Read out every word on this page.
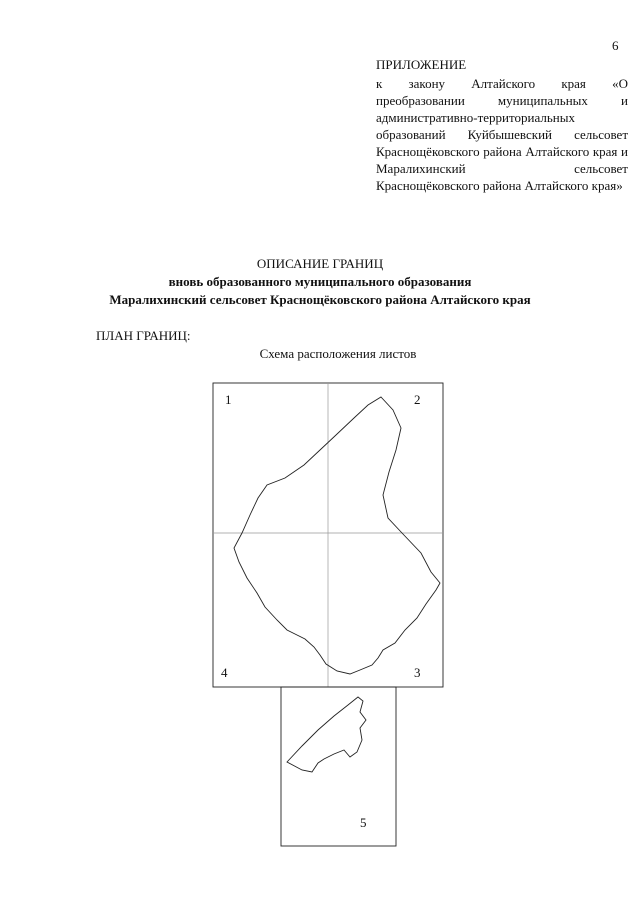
6

ПРИЛОЖЕНИЕ

к закону Алтайского края «О преобразовании муниципальных и административно-территориальных образований Куйбышевский сельсовет Краснощёковского района Алтайского края и Маралихинский сельсовет Краснощёковского района Алтайского края»

ОПИСАНИЕ ГРАНИЦ
вновь образованного муниципального образования
Маралихинский сельсовет Краснощёковского района Алтайского края
ПЛАН ГРАНИЦ:
Схема расположения листов
1	2
3
4
5
